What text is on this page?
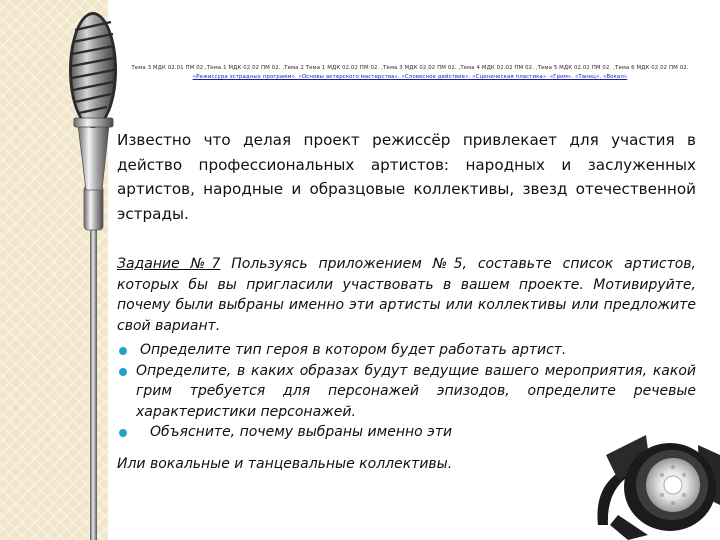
Тема 3 МДК 02.01 ПМ 02.,Тема 1 МДК 02.02 ПМ 02. ,Тема 2 Тема 1 МДК 02.02 ПМ 02. ,Тема 3 МДК 02.02 ПМ 02. ,Тема 4 МДК 02.02 ПМ 02. ,Тема 5 МДК 02.02 ПМ 02. ,Тема 6 МДК 02.02 ПМ 02.
«Режиссура эстрадных программ». «Основы актерского мастерства». «Словесное действие». «Сценическая пластика». «Грим». «Танец». «Вокал»

Известно что делая проект режиссёр привлекает для участия в действо профессиональных артистов: народных и заслуженных артистов, народные и образцовые коллективы, звезд отечественной эстрады.

Задание №7 Пользуясь приложением №5, составьте список артистов, которых бы вы пригласили участвовать в вашем проекте. Мотивируйте, почему были выбраны именно эти артисты или коллективы или предложите свой вариант.

Определите тип героя в котором будет работать артист.
Определите, в каких образах будут ведущие вашего мероприятия, какой грим требуется для персонажей эпизодов, определите речевые характеристики персонажей.
Объясните, почему выбраны именно эти

Или вокальные и танцевальные коллективы.
